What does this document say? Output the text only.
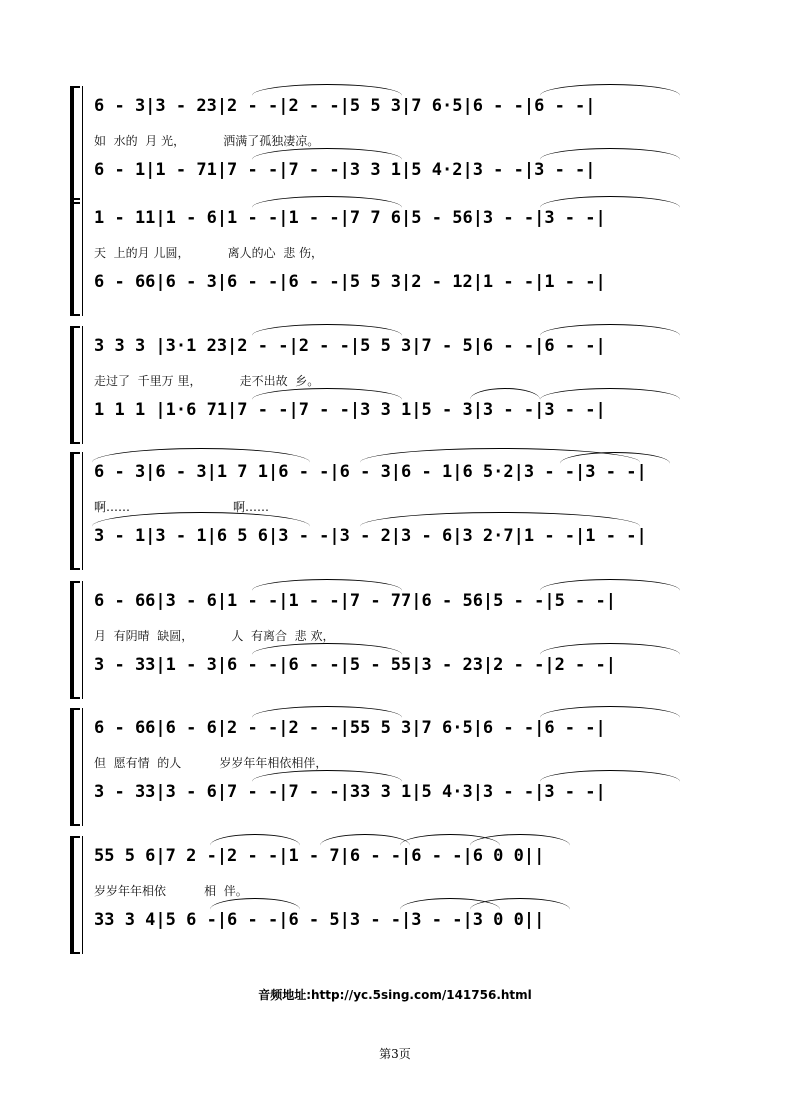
6 - 3|3 - 23|2 - -|2 - -|5 5 3|7 6·5|6 - -|6 - -|
如  水的  月 光，          洒满了孤独凄凉。
6 - 1|1 - 71|7 - -|7 - -|3 3 1|5 4·2|3 - -|3 - -|
1 - 11|1 - 6|1 - -|1 - -|7 7 6|5 - 56|3 - -|3 - -|
天  上的月 儿圆，          离人的心  悲 伤，
6 - 66|6 - 3|6 - -|6 - -|5 5 3|2 - 12|1 - -|1 - -|
3 3 3 |3·1 23|2 - -|2 - -|5 5 3|7 - 5|6 - -|6 - -|
走过了  千里万 里，          走不出故  乡。
1 1 1 |1·6 71|7 - -|7 - -|3 3 1|5 - 3|3 - -|3 - -|
6 - 3|6 - 3|1 7 1|6 - -|6 - 3|6 - 1|6 5·2|3 - -|3 - -|
啊……                           啊……
3 - 1|3 - 1|6 5 6|3 - -|3 - 2|3 - 6|3 2·7|1 - -|1 - -|
6 - 66|3 - 6|1 - -|1 - -|7 - 77|6 - 56|5 - -|5 - -|
月  有阴晴  缺圆，          人  有离合  悲 欢，
3 - 33|1 - 3|6 - -|6 - -|5 - 55|3 - 23|2 - -|2 - -|
6 - 66|6 - 6|2 - -|2 - -|55 5 3|7 6·5|6 - -|6 - -|
但  愿有情  的人          岁岁年年相依相伴，
3 - 33|3 - 6|7 - -|7 - -|33 3 1|5 4·3|3 - -|3 - -|
55 5 6|7 2 -|2 - -|1 - 7|6 - -|6 - -|6 0 0||
岁岁年年相依          相  伴。
33 3 4|5 6 -|6 - -|6 - 5|3 - -|3 - -|3 0 0||
音频地址:http://yc.5sing.com/141756.html
第3页
